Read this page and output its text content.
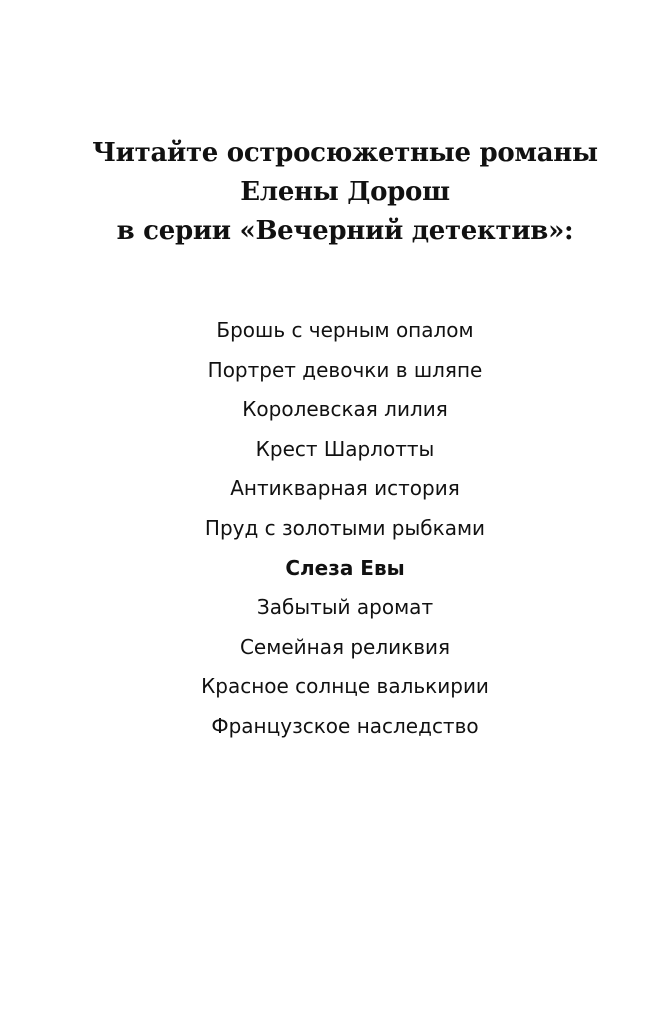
Читайте остросюжетные романы
Елены Дорош
в серии «Вечерний детектив»:
Брошь с черным опалом
Портрет девочки в шляпе
Королевская лилия
Крест Шарлотты
Антикварная история
Пруд с золотыми рыбками
Слеза Евы
Забытый аромат
Семейная реликвия
Красное солнце валькирии
Французское наследство
